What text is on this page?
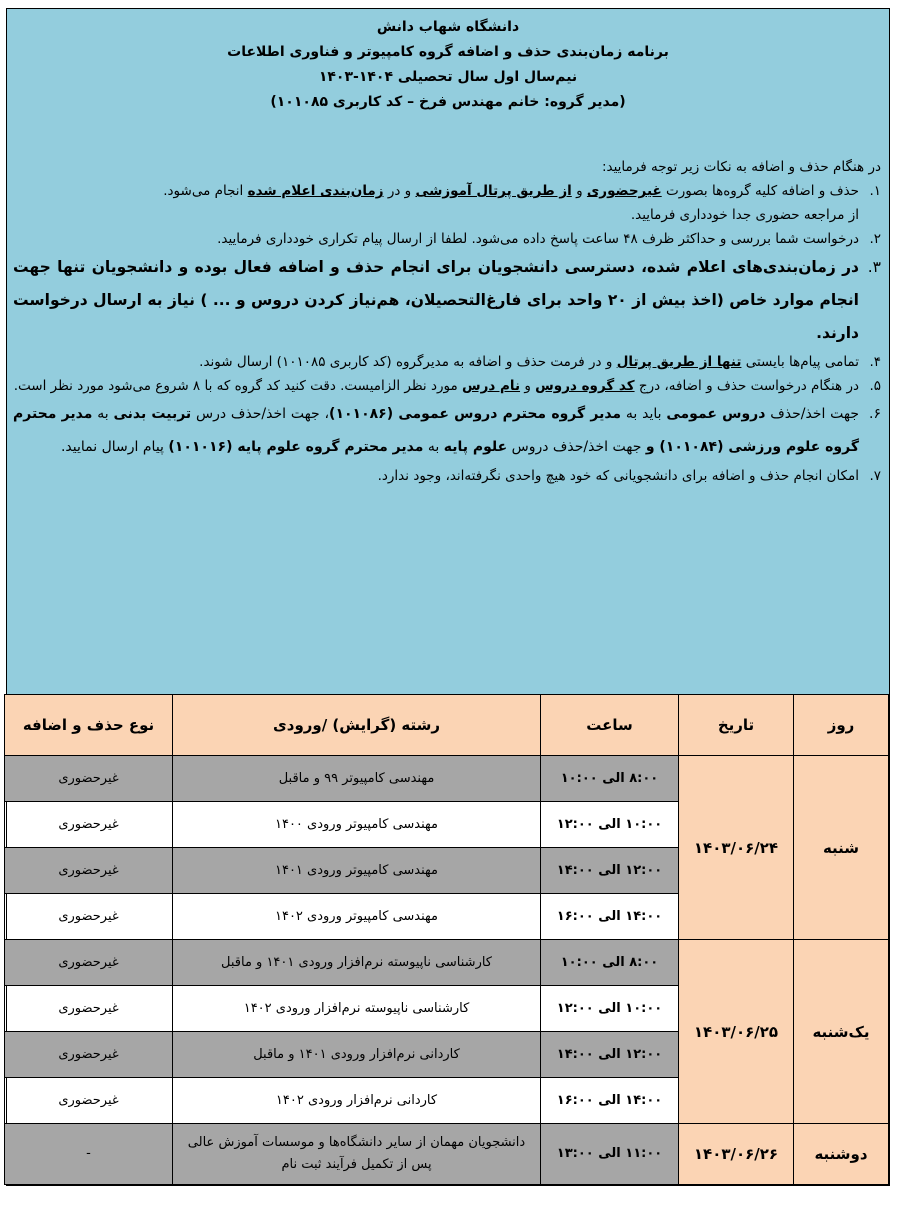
دانشگاه شهاب دانش
برنامه زمان‌بندی حذف و اضافه گروه کامپیوتر و فناوری اطلاعات
نیم‌سال اول سال تحصیلی ۱۴۰۴-۱۴۰۳
(مدیر گروه: خانم مهندس فرخ – کد کاربری ۱۰۱۰۸۵)
در هنگام حذف و اضافه به نکات زیر توجه فرمایید:
۱.
حذف و اضافه کلیه گروه‌ها بصورت غیرحضوری و از طریق پرتال آموزشی و در زمان‌بندی اعلام شده انجام می‌شود.
از مراجعه حضوری جدا خودداری فرمایید.
۲.
درخواست شما بررسی و حداکثر ظرف ۴۸ ساعت پاسخ داده می‌شود. لطفا از ارسال پیام تکراری خودداری فرمایید.
۳.
در زمان‌بندی‌های اعلام شده، دسترسی دانشجویان برای انجام حذف و اضافه فعال بوده و دانشجویان تنها جهت انجام موارد خاص (اخذ بیش از ۲۰ واحد برای فارغ‌التحصیلان، هم‌نیاز کردن دروس و ... ) نیاز به ارسال درخواست دارند.
۴.
تمامی پیام‌ها بایستی تنها از طریق پرتال و در فرمت حذف و اضافه به مدیرگروه (کد کاربری ۱۰۱۰۸۵) ارسال شوند.
۵.
در هنگام درخواست حذف و اضافه، درج کد گروه دروس و نام درس مورد نظر الزامیست. دقت کنید کد گروه که با ۸ شروع می‌شود مورد نظر است.
۶.
جهت اخذ/حذف دروس عمومی باید به مدیر گروه محترم دروس عمومی (۱۰۱۰۸۶)، جهت اخذ/حذف درس تربیت بدنی به مدیر محترم گروه علوم ورزشی (۱۰۱۰۸۴) و جهت اخذ/حذف دروس علوم پایه به مدیر محترم گروه علوم پایه (۱۰۱۰۱۶) پیام ارسال نمایید.
۷.
امکان انجام حذف و اضافه برای دانشجویانی که خود هیچ واحدی نگرفته‌اند، وجود ندارد.
روز	تاریخ	ساعت	رشته (گرایش) /ورودی	نوع حذف و اضافه
شنبه	۱۴۰۳/۰۶/۲۴	۸:۰۰ الی ۱۰:۰۰	مهندسی کامپیوتر ۹۹ و ماقبل	غیرحضوری
		۱۰:۰۰ الی ۱۲:۰۰	مهندسی کامپیوتر ورودی ۱۴۰۰	غیرحضوری
		۱۲:۰۰ الی ۱۴:۰۰	مهندسی کامپیوتر ورودی ۱۴۰۱	غیرحضوری
		۱۴:۰۰ الی ۱۶:۰۰	مهندسی کامپیوتر ورودی ۱۴۰۲	غیرحضوری
یک‌شنبه	۱۴۰۳/۰۶/۲۵	۸:۰۰ الی ۱۰:۰۰	کارشناسی ناپیوسته نرم‌افزار ورودی ۱۴۰۱ و ماقبل	غیرحضوری
		۱۰:۰۰ الی ۱۲:۰۰	کارشناسی ناپیوسته نرم‌افزار ورودی ۱۴۰۲	غیرحضوری
		۱۲:۰۰ الی ۱۴:۰۰	کاردانی نرم‌افزار ورودی ۱۴۰۱ و ماقبل	غیرحضوری
		۱۴:۰۰ الی ۱۶:۰۰	کاردانی نرم‌افزار ورودی ۱۴۰۲	غیرحضوری
دوشنبه	۱۴۰۳/۰۶/۲۶	۱۱:۰۰ الی ۱۳:۰۰	دانشجویان مهمان از سایر دانشگاه‌ها و موسسات آموزش عالی پس از تکمیل فرآیند ثبت نام	-
